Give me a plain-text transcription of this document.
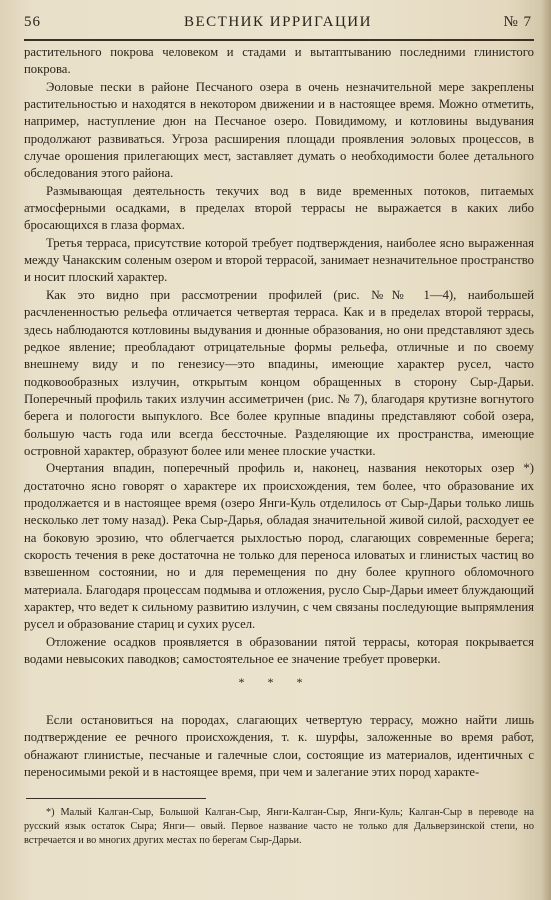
56	ВЕСТНИК ИРРИГАЦИИ	№ 7

растительного покрова человеком и стадами и вытаптыванию последними глинистого покрова.

Эоловые пески в районе Песчаного озера в очень незначительной мере закреплены растительностью и находятся в некотором движении и в настоящее время. Можно отметить, например, наступление дюн на Песчаное озеро. Повидимому, и котловины выдувания продолжают развиваться. Угроза расширения площади проявления эоловых процессов, в случае орошения прилегающих мест, заставляет думать о необходимости более детального обследования этого района.

Размывающая деятельность текучих вод в виде временных потоков, питаемых атмосферными осадками, в пределах второй террасы не выражается в каких либо бросающихся в глаза формах.

Третья терраса, присутствие которой требует подтверждения, наиболее ясно выраженная между Чанакским соленым озером и второй террасой, занимает незначительное пространство и носит плоский характер.

Как это видно при рассмотрении профилей (рис. №№ 1—4), наибольшей расчлененностью рельефа отличается четвертая терраса. Как и в пределах второй террасы, здесь наблюдаются котловины выдувания и дюнные образования, но они представляют здесь редкое явление; преобладают отрицательные формы рельефа, отличные и по своему внешнему виду и по генезису—это впадины, имеющие характер русел, часто подковообразных излучин, открытым концом обращенных в сторону Сыр-Дарьи. Поперечный профиль таких излучин ассиметричен (рис. № 7), благодаря крутизне вогнутого берега и пологости выпуклого. Все более крупные впадины представляют собой озера, большую часть года или всегда бессточные. Разделяющие их пространства, имеющие островной характер, образуют более или менее плоские участки.

Очертания впадин, поперечный профиль и, наконец, названия некоторых озер *) достаточно ясно говорят о характере их происхождения, тем более, что образование их продолжается и в настоящее время (озеро Янги-Куль отделилось от Сыр-Дарьи только лишь несколько лет тому назад). Река Сыр-Дарья, обладая значительной живой силой, расходует ее на боковую эрозию, что облегчается рыхлостью пород, слагающих современные берега; скорость течения в реке достаточна не только для переноса иловатых и глинистых частиц во взвешенном состоянии, но и для перемещения по дну более крупного обломочного материала. Благодаря процессам подмыва и отложения, русло Сыр-Дарьи имеет блуждающий характер, что ведет к сильному развитию излучин, с чем связаны последующие выпрямления русел и образование стариц и сухих русел.

Отложение осадков проявляется в образовании пятой террасы, которая покрывается водами невысоких паводков; самостоятельное ее значение требует проверки.

* * *

Если остановиться на породах, слагающих четвертую террасу, можно найти лишь подтверждение ее речного происхождения, т. к. шурфы, заложенные во время работ, обнажают глинистые, песчаные и галечные слои, состоящие из материалов, идентичных с переносимыми рекой и в настоящее время, при чем и залегание этих пород характе-

*) Малый Калган-Сыр, Большой Калган-Сыр, Янги-Калган-Сыр, Янги-Куль; Калган-Сыр в переводе на русский язык остаток Сыра; Янги— овый. Первое название часто не только для Дальверзинской степи, но встречается и во многих других местах по берегам Сыр-Дарьи.
